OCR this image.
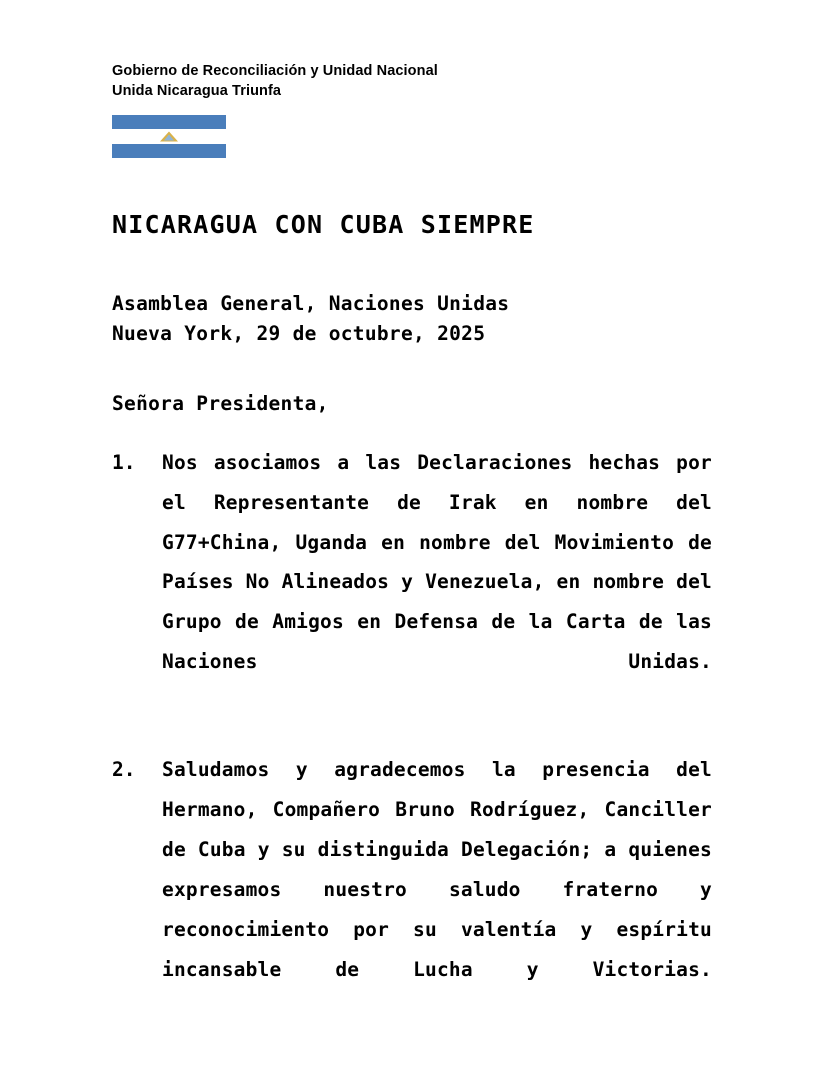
Gobierno de Reconciliación y Unidad Nacional
Unida Nicaragua Triunfa
NICARAGUA CON CUBA SIEMPRE
Asamblea General, Naciones Unidas
Nueva York, 29 de octubre, 2025
Señora Presidenta,
1.	Nos asociamos a las Declaraciones hechas por el Representante de Irak en nombre del G77+China, Uganda en nombre del Movimiento de Países No Alineados y Venezuela, en nombre del Grupo de Amigos en Defensa de la Carta de las Naciones Unidas.
2.	Saludamos y agradecemos la presencia del Hermano, Compañero Bruno Rodríguez, Canciller de Cuba y su distinguida Delegación; a quienes expresamos nuestro saludo fraterno y reconocimiento por su valentía y espíritu incansable de Lucha y Victorias.
